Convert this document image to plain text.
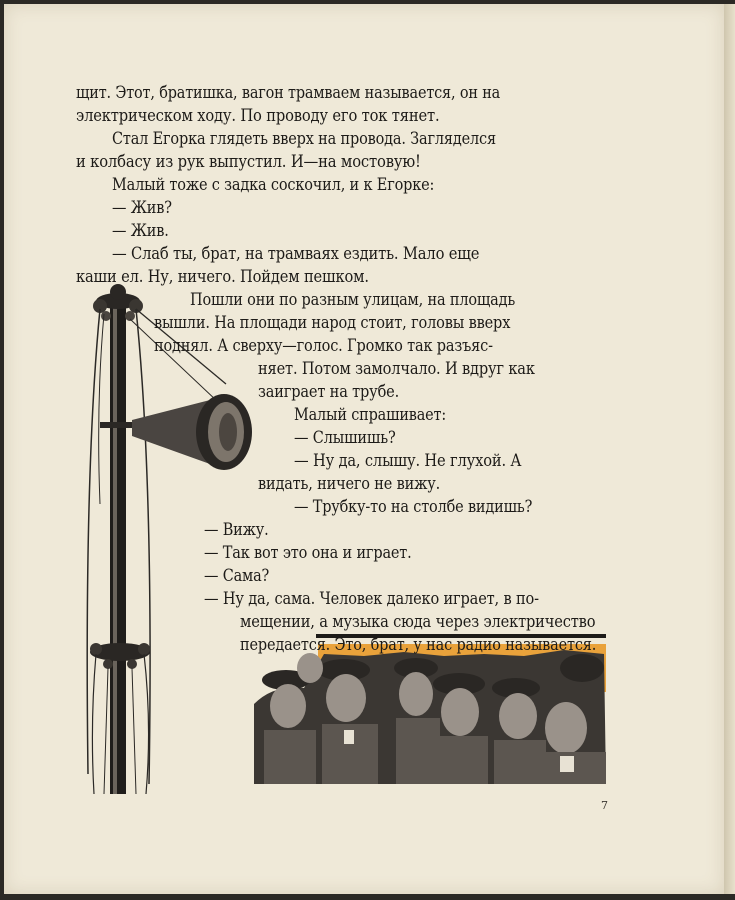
щит. Этот, братишка, вагон трамваем называется, он на
электрическом ходу. По проводу его ток тянет.
Стал Егорка глядеть вверх на провода. Загляделся
и колбасу из рук выпустил. И—на мостовую!
Малый тоже с задка соскочил, и к Егорке:
— Жив?
— Жив.
— Слаб ты, брат, на трамваях ездить. Мало еще
каши ел. Ну, ничего. Пойдем пешком.
Пошли они по разным улицам, на площадь
вышли. На площади народ стоит, головы вверх
поднял. А сверху—голос. Громко так разъяс-
няет. Потом замолчало. И вдруг как
заиграет на трубе.
Малый спрашивает:
— Слышишь?
— Ну да, слышу. Не глухой. А
видать, ничего не вижу.
— Трубку-то на столбе видишь?
— Вижу.
— Так вот это она и играет.
— Сама?
— Ну да, сама. Человек далеко играет, в по-
мещении, а музыка сюда через электричество
передается. Это, брат, у нас радио называется.
7
